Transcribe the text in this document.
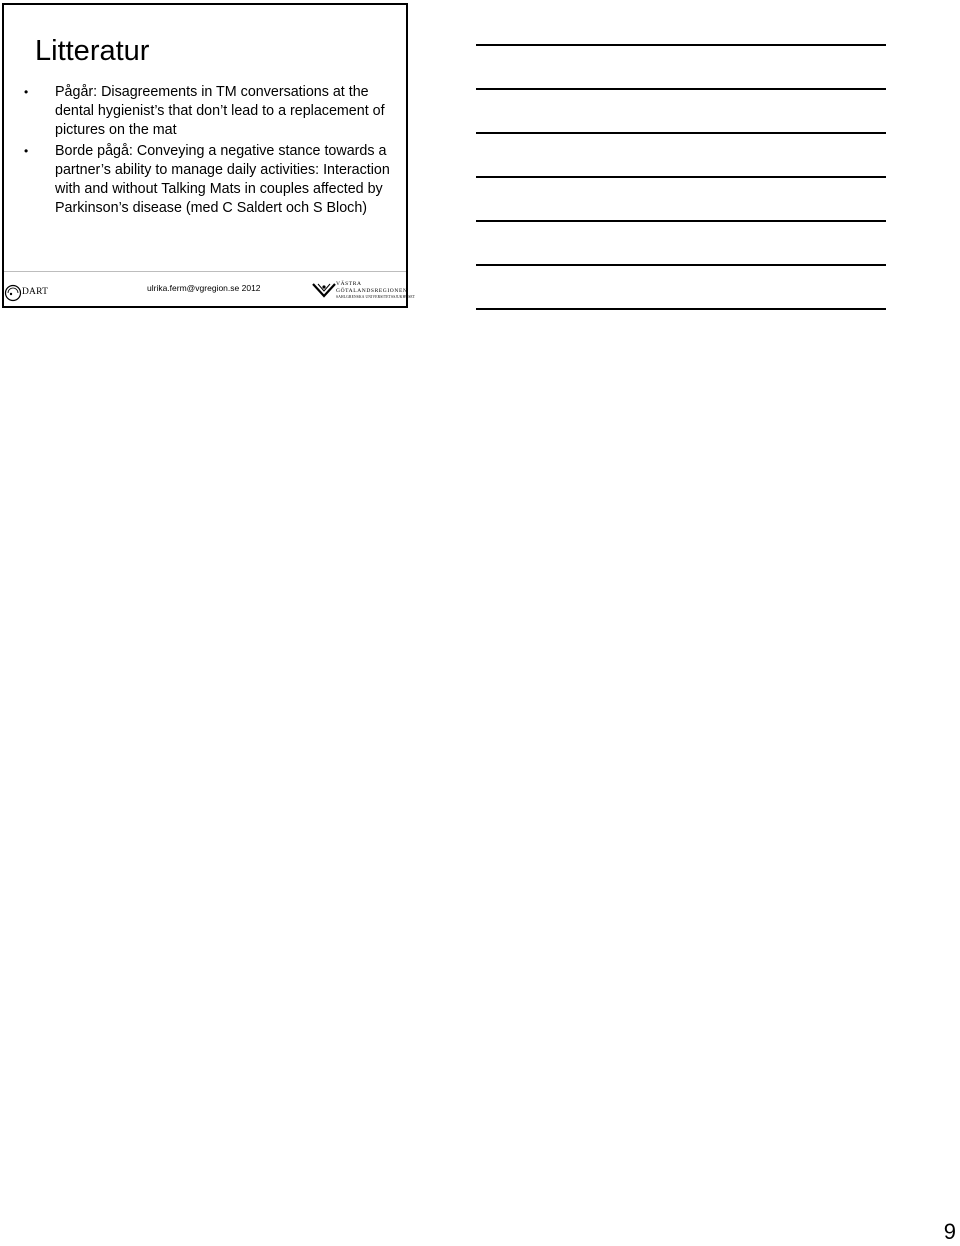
Litteratur
• Pågår: Disagreements in TM conversations at the dental hygienist’s that don’t lead to a replacement of pictures on the mat
• Borde pågå: Conveying a negative stance towards a partner’s ability to manage daily activities: Interaction with and without Talking Mats in couples affected by Parkinson’s disease (med C Saldert och S Bloch)
DART	ulrika.ferm@vgregion.se 2012	VÄSTRA
GÖTALANDSREGIONEN
SAHLGRENSKA UNIVERSITETSSJUKHUSET
9
